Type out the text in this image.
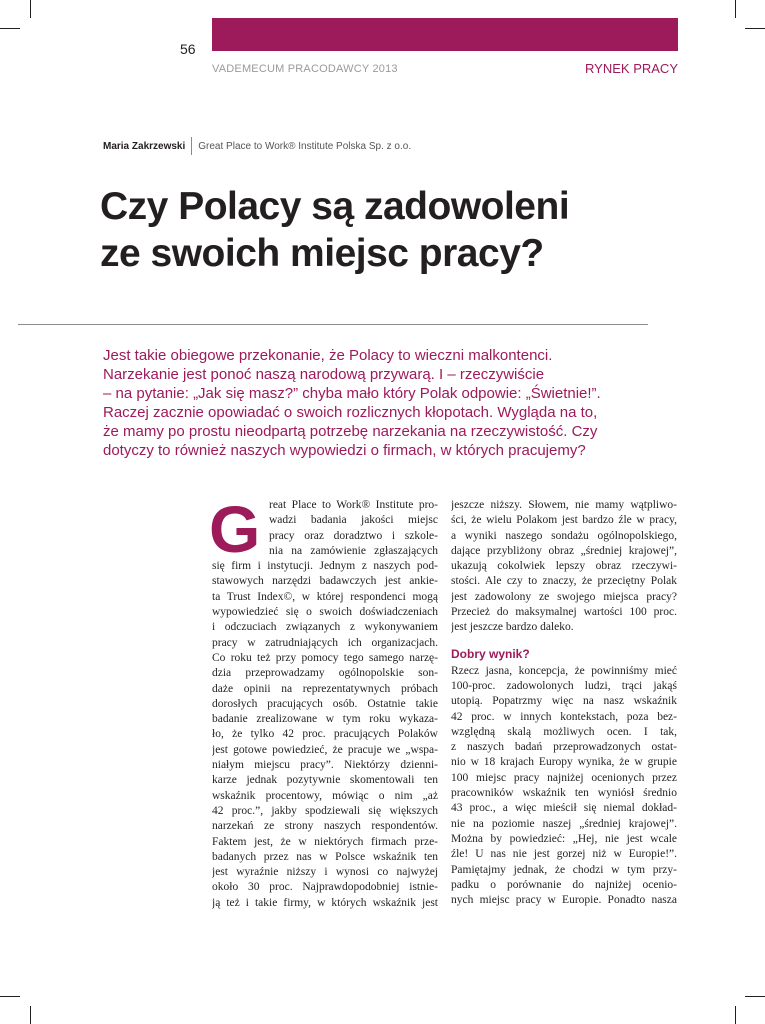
56
VADEMECUM PRACODAWCY 2013	RYNEK PRACY
Maria Zakrzewski Great Place to Work® Institute Polska Sp. z o.o.
Czy Polacy są zadowoleni
ze swoich miejsc pracy?
Jest takie obiegowe przekonanie, że Polacy to wieczni malkontenci.
Narzekanie jest ponoć naszą narodową przywarą. I – rzeczywiście
– na pytanie: „Jak się masz?” chyba mało który Polak odpowie: „Świetnie!”.
Raczej zacznie opowiadać o swoich rozlicznych kłopotach. Wygląda na to,
że mamy po prostu nieodpartą potrzebę narzekania na rzeczywistość. Czy
dotyczy to również naszych wypowiedzi o firmach, w których pracujemy?
G reat Place to Work® Institute pro-
wadzi badania jakości miejsc
pracy oraz doradztwo i szkole-
nia na zamówienie zgłaszających
się firm i instytucji. Jednym z naszych pod-
stawowych narzędzi badawczych jest ankie-
ta Trust Index©, w której respondenci mogą
wypowiedzieć się o swoich doświadczeniach
i odczuciach związanych z wykonywaniem
pracy w zatrudniających ich organizacjach.
Co roku też przy pomocy tego samego narzę-
dzia przeprowadzamy ogólnopolskie son-
daże opinii na reprezentatywnych próbach
dorosłych pracujących osób. Ostatnie takie
badanie zrealizowane w tym roku wykaza-
ło, że tylko 42 proc. pracujących Polaków
jest gotowe powiedzieć, że pracuje we „wspa-
niałym miejscu pracy”. Niektórzy dzienni-
karze jednak pozytywnie skomentowali ten
wskaźnik procentowy, mówiąc o nim „aż
42 proc.”, jakby spodziewali się większych
narzekań ze strony naszych respondentów.
Faktem jest, że w niektórych firmach prze-
badanych przez nas w Polsce wskaźnik ten
jest wyraźnie niższy i wynosi co najwyżej
około 30 proc. Najprawdopodobniej istnie-
ją też i takie firmy, w których wskaźnik jest
jeszcze niższy. Słowem, nie mamy wątpliwo-
ści, że wielu Polakom jest bardzo źle w pracy,
a wyniki naszego sondażu ogólnopolskiego,
dające przybliżony obraz „średniej krajowej”,
ukazują cokolwiek lepszy obraz rzeczywi-
stości. Ale czy to znaczy, że przeciętny Polak
jest zadowolony ze swojego miejsca pracy?
Przecież do maksymalnej wartości 100 proc.
jest jeszcze bardzo daleko.
Dobry wynik?
Rzecz jasna, koncepcja, że powinniśmy mieć
100-proc. zadowolonych ludzi, trąci jakąś
utopią. Popatrzmy więc na nasz wskaźnik
42 proc. w innych kontekstach, poza bez-
względną skalą możliwych ocen. I tak,
z naszych badań przeprowadzonych ostat-
nio w 18 krajach Europy wynika, że w grupie
100 miejsc pracy najniżej ocenionych przez
pracowników wskaźnik ten wyniósł średnio
43 proc., a więc mieścił się niemal dokład-
nie na poziomie naszej „średniej krajowej”.
Można by powiedzieć: „Hej, nie jest wcale
źle! U nas nie jest gorzej niż w Europie!”.
Pamiętajmy jednak, że chodzi w tym przy-
padku o porównanie do najniżej ocenio-
nych miejsc pracy w Europie. Ponadto nasza
